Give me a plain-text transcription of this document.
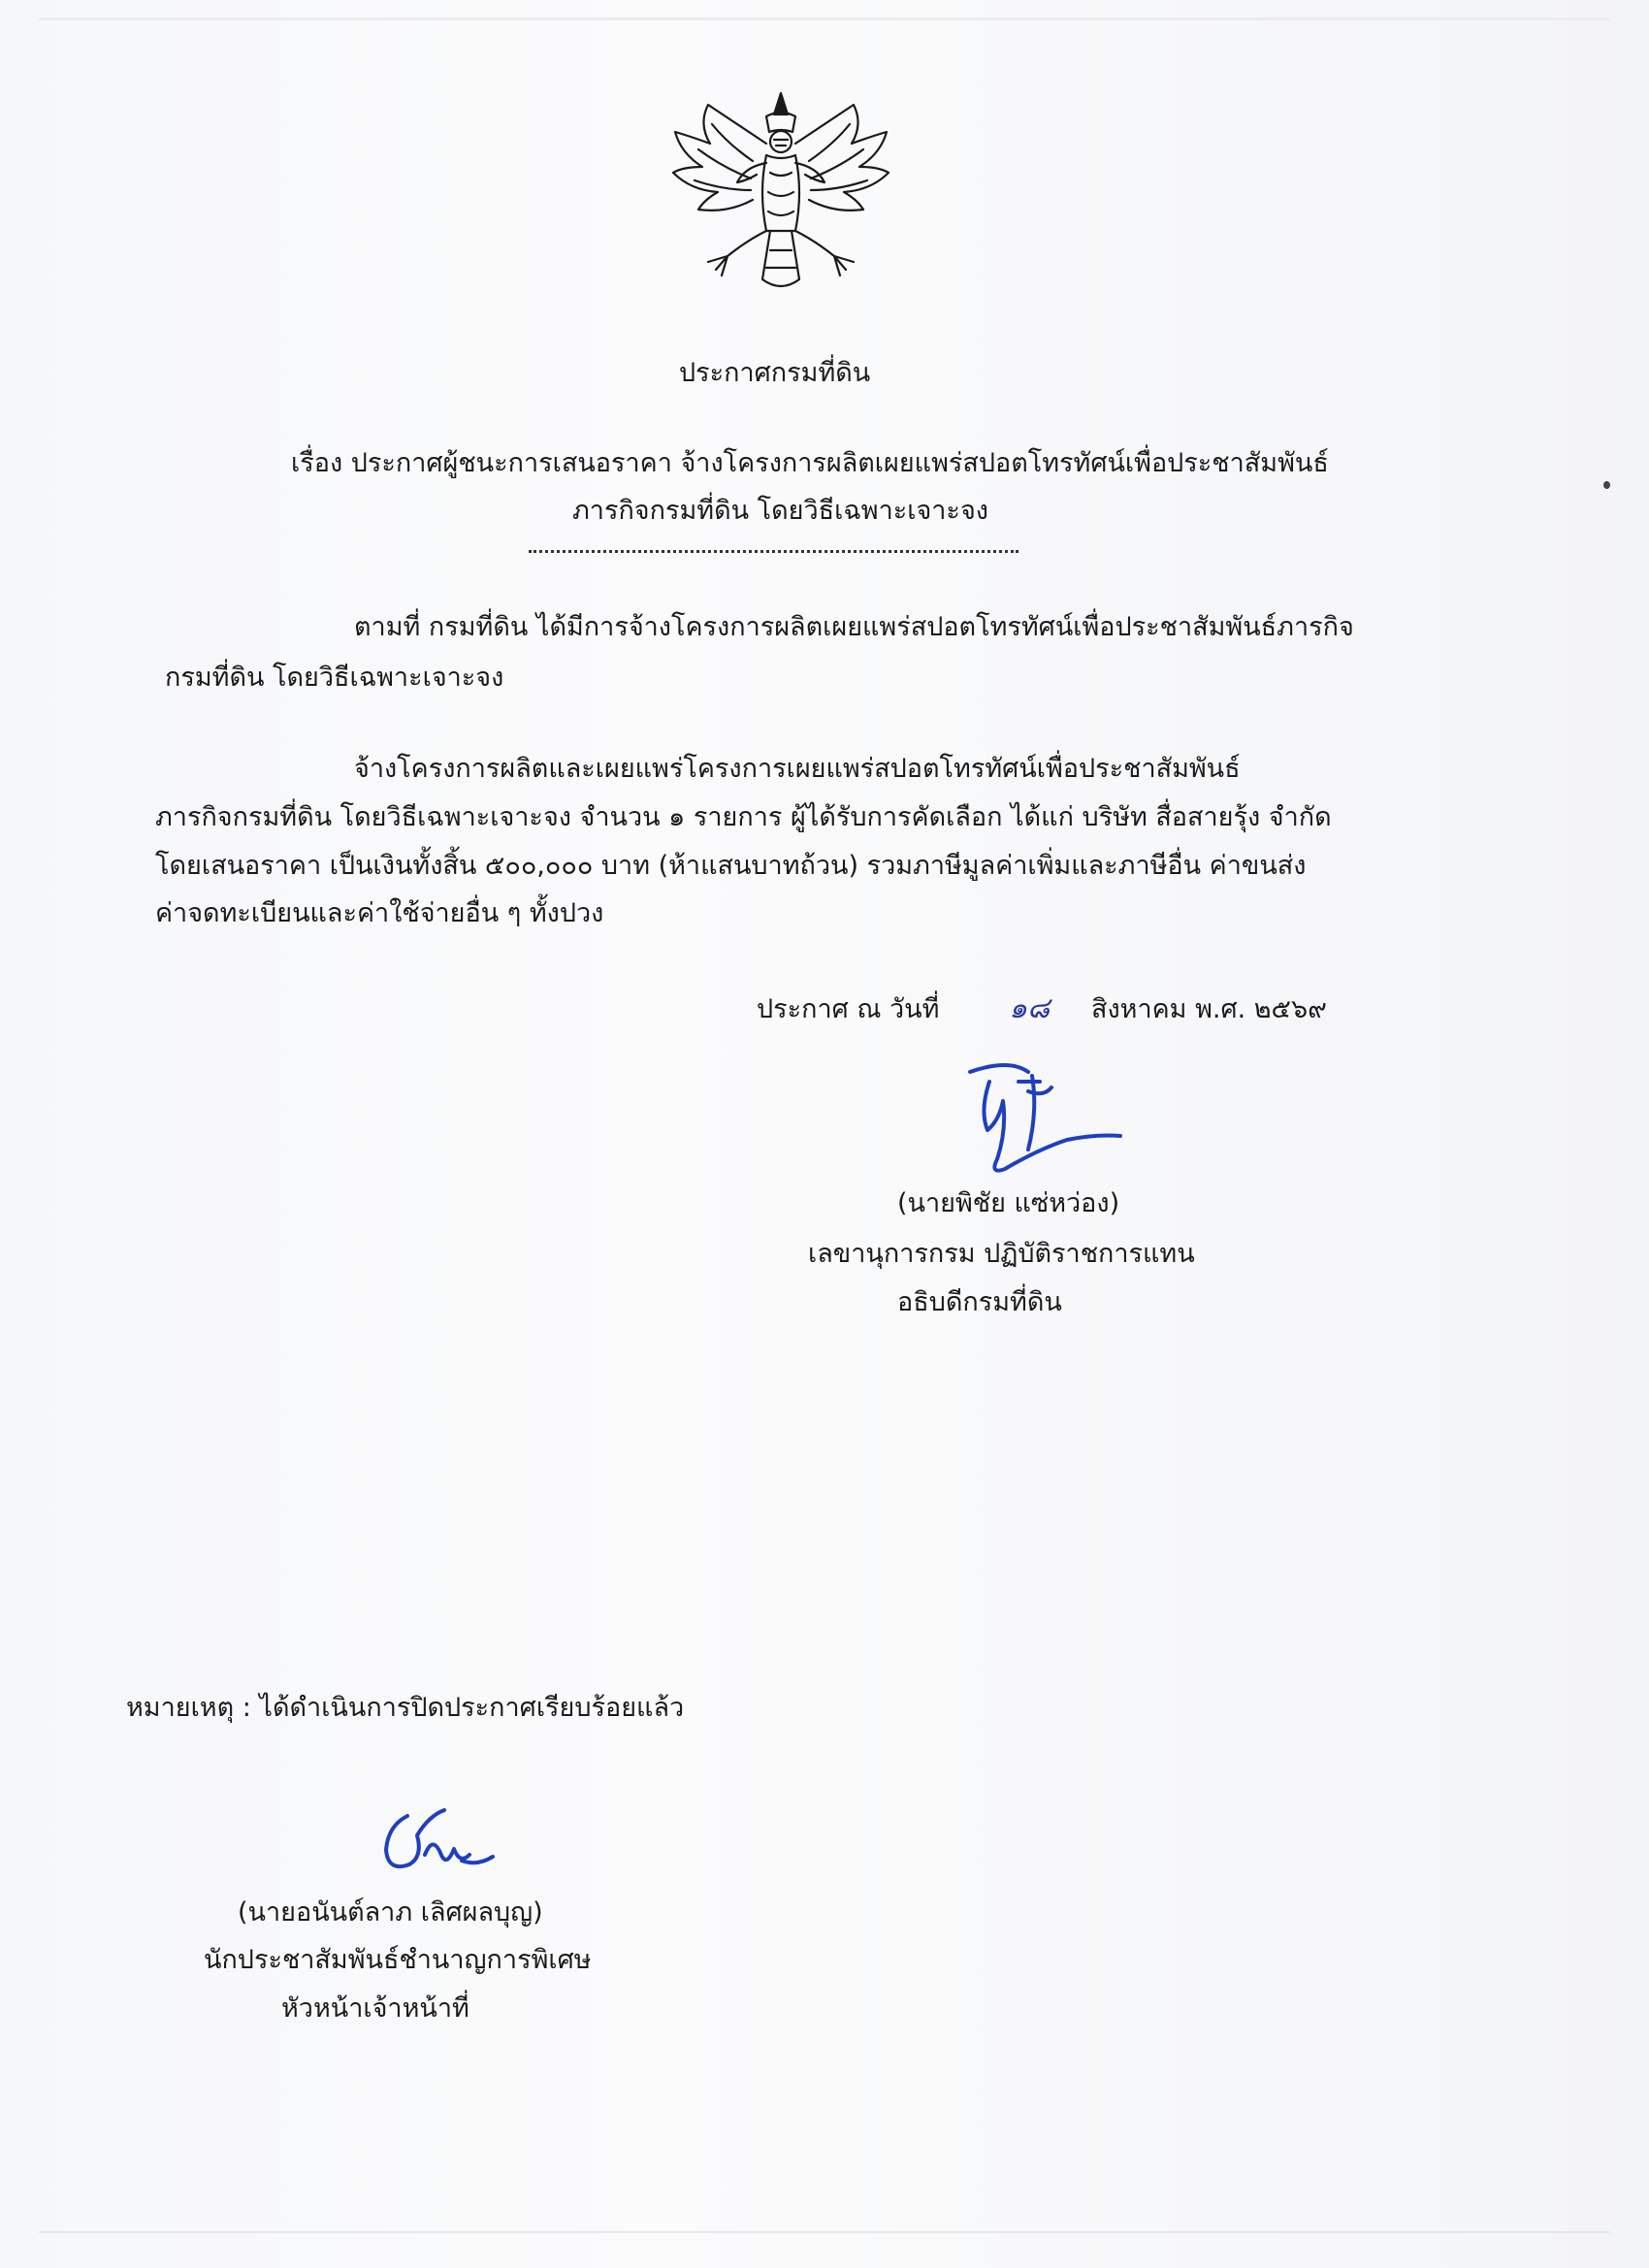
ประกาศกรมที่ดิน
เรื่อง ประกาศผู้ชนะการเสนอราคา จ้างโครงการผลิตเผยแพร่สปอตโทรทัศน์เพื่อประชาสัมพันธ์
ภารกิจกรมที่ดิน โดยวิธีเฉพาะเจาะจง
ตามที่ กรมที่ดิน ได้มีการจ้างโครงการผลิตเผยแพร่สปอตโทรทัศน์เพื่อประชาสัมพันธ์ภารกิจ
กรมที่ดิน โดยวิธีเฉพาะเจาะจง
จ้างโครงการผลิตและเผยแพร่โครงการเผยแพร่สปอตโทรทัศน์เพื่อประชาสัมพันธ์
ภารกิจกรมที่ดิน โดยวิธีเฉพาะเจาะจง จำนวน ๑ รายการ ผู้ได้รับการคัดเลือก ได้แก่ บริษัท สื่อสายรุ้ง จำกัด
โดยเสนอราคา เป็นเงินทั้งสิ้น ๕๐๐,๐๐๐ บาท (ห้าแสนบาทถ้วน) รวมภาษีมูลค่าเพิ่มและภาษีอื่น ค่าขนส่ง
ค่าจดทะเบียนและค่าใช้จ่ายอื่น ๆ ทั้งปวง
ประกาศ ณ วันที่ ๑๘ สิงหาคม พ.ศ. ๒๕๖๙
(นายพิชัย แซ่หว่อง)
เลขานุการกรม ปฏิบัติราชการแทน
อธิบดีกรมที่ดิน
หมายเหตุ : ได้ดำเนินการปิดประกาศเรียบร้อยแล้ว
(นายอนันต์ลาภ เลิศผลบุญ)
นักประชาสัมพันธ์ชำนาญการพิเศษ
หัวหน้าเจ้าหน้าที่
